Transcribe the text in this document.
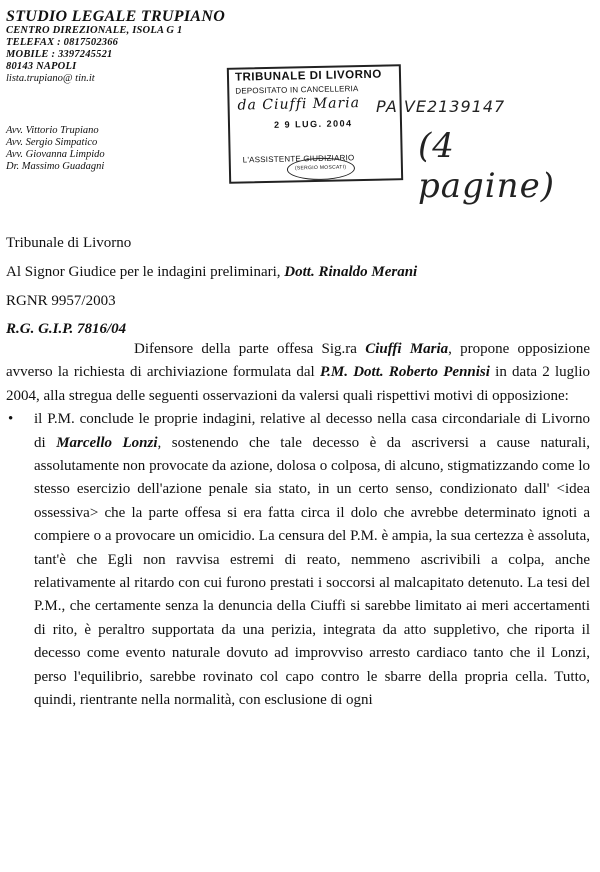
STUDIO LEGALE TRUPIANO
CENTRO DIREZIONALE, ISOLA G 1
TELEFAX : 0817502366
MOBILE : 3397245521
80143 NAPOLI
lista.trupiano@ tin.it
Avv. Vittorio Trupiano
Avv. Sergio Simpatico
Avv. Giovanna Limpido
Dr. Massimo Guadagni
TRIBUNALE DI LIVORNO
DEPOSITATO IN CANCELLERIA
da Ciuffi Maria
2 9 LUG. 2004
L'ASSISTENTE GIUDIZIARIO
(SERGIO MOSCATI)
PA VE2139147
(4 pagine)
Tribunale di Livorno
Al Signor Giudice per le indagini preliminari, Dott. Rinaldo Merani
RGNR 9957/2003
R.G. G.I.P. 7816/04

Difensore della parte offesa Sig.ra Ciuffi Maria, propone opposizione avverso la richiesta di archiviazione formulata dal P.M. Dott. Roberto Pennisi in data 2 luglio 2004, alla stregua delle seguenti osservazioni da valersi quali rispettivi motivi di opposizione:

• il P.M. conclude le proprie indagini, relative al decesso nella casa circondariale di Livorno di Marcello Lonzi, sostenendo che tale decesso è da ascriversi a cause naturali, assolutamente non provocate da azione, dolosa o colposa, di alcuno, stigmatizzando come lo stesso esercizio dell'azione penale sia stato, in un certo senso, condizionato dall' <idea ossessiva> che la parte offesa si era fatta circa il dolo che avrebbe determinato ignoti a compiere o a provocare un omicidio. La censura del P.M. è ampia, la sua certezza è assoluta, tant'è che Egli non ravvisa estremi di reato, nemmeno ascrivibili a colpa, anche relativamente al ritardo con cui furono prestati i soccorsi al malcapitato detenuto. La tesi del P.M., che certamente senza la denuncia della Ciuffi si sarebbe limitato ai meri accertamenti di rito, è peraltro supportata da una perizia, integrata da atto suppletivo, che riporta il decesso come evento naturale dovuto ad improvviso arresto cardiaco tanto che il Lonzi, perso l'equilibrio, sarebbe rovinato col capo contro le sbarre della propria cella. Tutto, quindi, rientrante nella normalità, con esclusione di ogni
